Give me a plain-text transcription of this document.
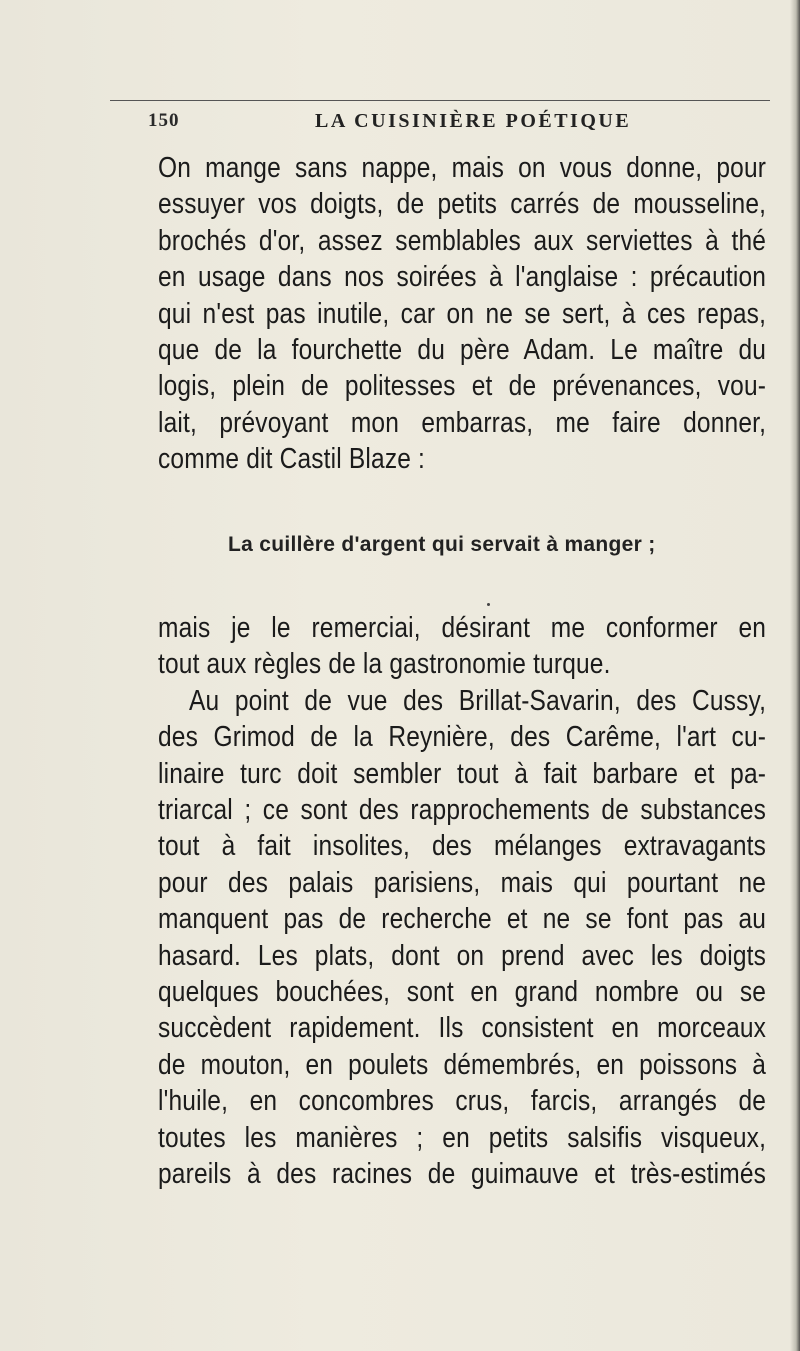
150	LA CUISINIÈRE POÉTIQUE
On mange sans nappe, mais on vous donne, pour
essuyer vos doigts, de petits carrés de mousseline,
brochés d'or, assez semblables aux serviettes à thé
en usage dans nos soirées à l'anglaise : précaution
qui n'est pas inutile, car on ne se sert, à ces repas,
que de la fourchette du père Adam. Le maître du
logis, plein de politesses et de prévenances, vou-
lait, prévoyant mon embarras, me faire donner,
comme dit Castil Blaze :
La cuillère d'argent qui servait à manger ;
mais je le remerciai, désirant me conformer en
tout aux règles de la gastronomie turque.
Au point de vue des Brillat-Savarin, des Cussy,
des Grimod de la Reynière, des Carême, l'art cu-
linaire turc doit sembler tout à fait barbare et pa-
triarcal ; ce sont des rapprochements de substances
tout à fait insolites, des mélanges extravagants
pour des palais parisiens, mais qui pourtant ne
manquent pas de recherche et ne se font pas au
hasard. Les plats, dont on prend avec les doigts
quelques bouchées, sont en grand nombre ou se
succèdent rapidement. Ils consistent en morceaux
de mouton, en poulets démembrés, en poissons à
l'huile, en concombres crus, farcis, arrangés de
toutes les manières ; en petits salsifis visqueux,
pareils à des racines de guimauve et très-estimés
